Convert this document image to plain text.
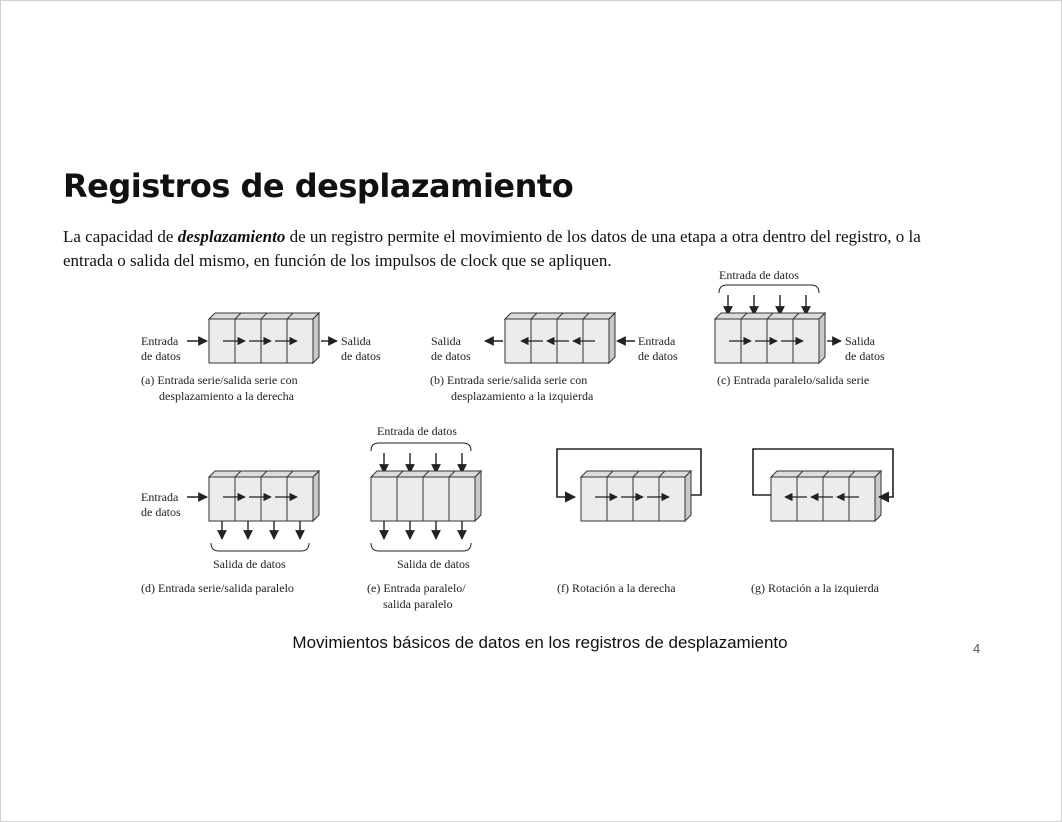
Registros de desplazamiento

La capacidad de desplazamiento de un registro permite el movimiento de los datos de una etapa a otra dentro del registro, o la entrada o salida del mismo, en función de los impulsos de clock que se apliquen.

Entrada
de datos
Salida
de datos
(a) Entrada serie/salida serie con
desplazamiento a la derecha
Salida
de datos
Entrada
de datos
(b) Entrada serie/salida serie con
desplazamiento a la izquierda
Entrada de datos
Salida
de datos
(c) Entrada paralelo/salida serie
Entrada
de datos
Salida de datos
(d) Entrada serie/salida paralelo
Entrada de datos
Salida de datos
(e) Entrada paralelo/
salida paralelo
(f) Rotación a la derecha	(g) Rotación a la izquierda

Movimientos básicos de datos en los registros de desplazamiento	4
